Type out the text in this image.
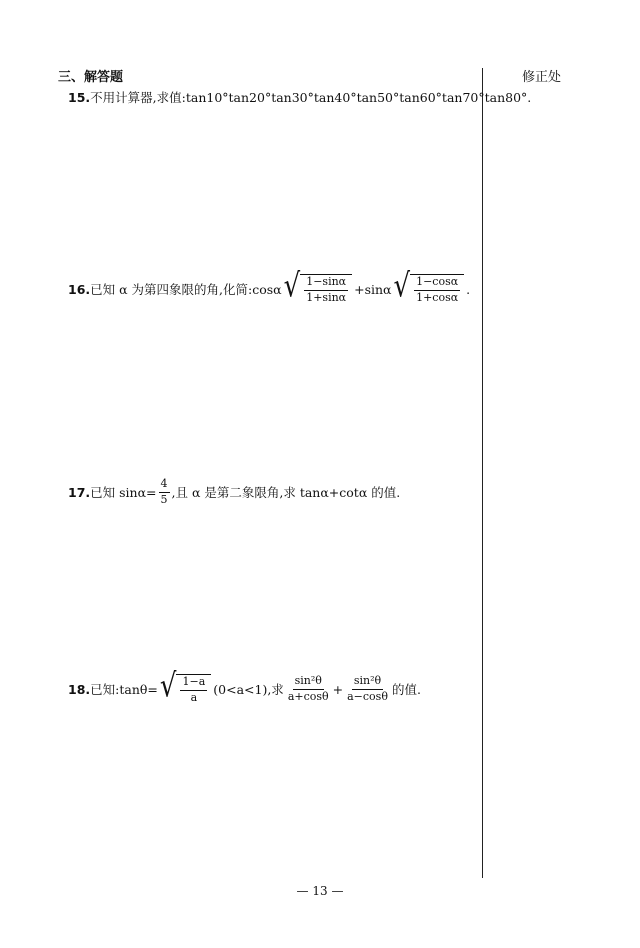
三、解答题	修正处
15. 不用计算器,求值:tan10°tan20°tan30°tan40°tan50°tan60°tan70°tan80°.
16. 已知 α 为第四象限的角,化简:cosα √ $\frac{1-\sin\alpha}{1+\sin\alpha} +\sin\alpha$ √ $\frac{1-\cos\alpha}{1+\cos\alpha}$ .
17. 已知 $\sin\alpha= \frac{4}{5}$ ,且 α 是第二象限角,求 tanα+cotα 的值.
18. 已知:tanθ= √ $\frac{1-a}{a} (0<a<1)$,求 $\frac{\text{sin²θ}}{a+\cos\theta} + \frac{\text{sin²θ}}{a-\cos\theta}$ 的值.
— 13 —
